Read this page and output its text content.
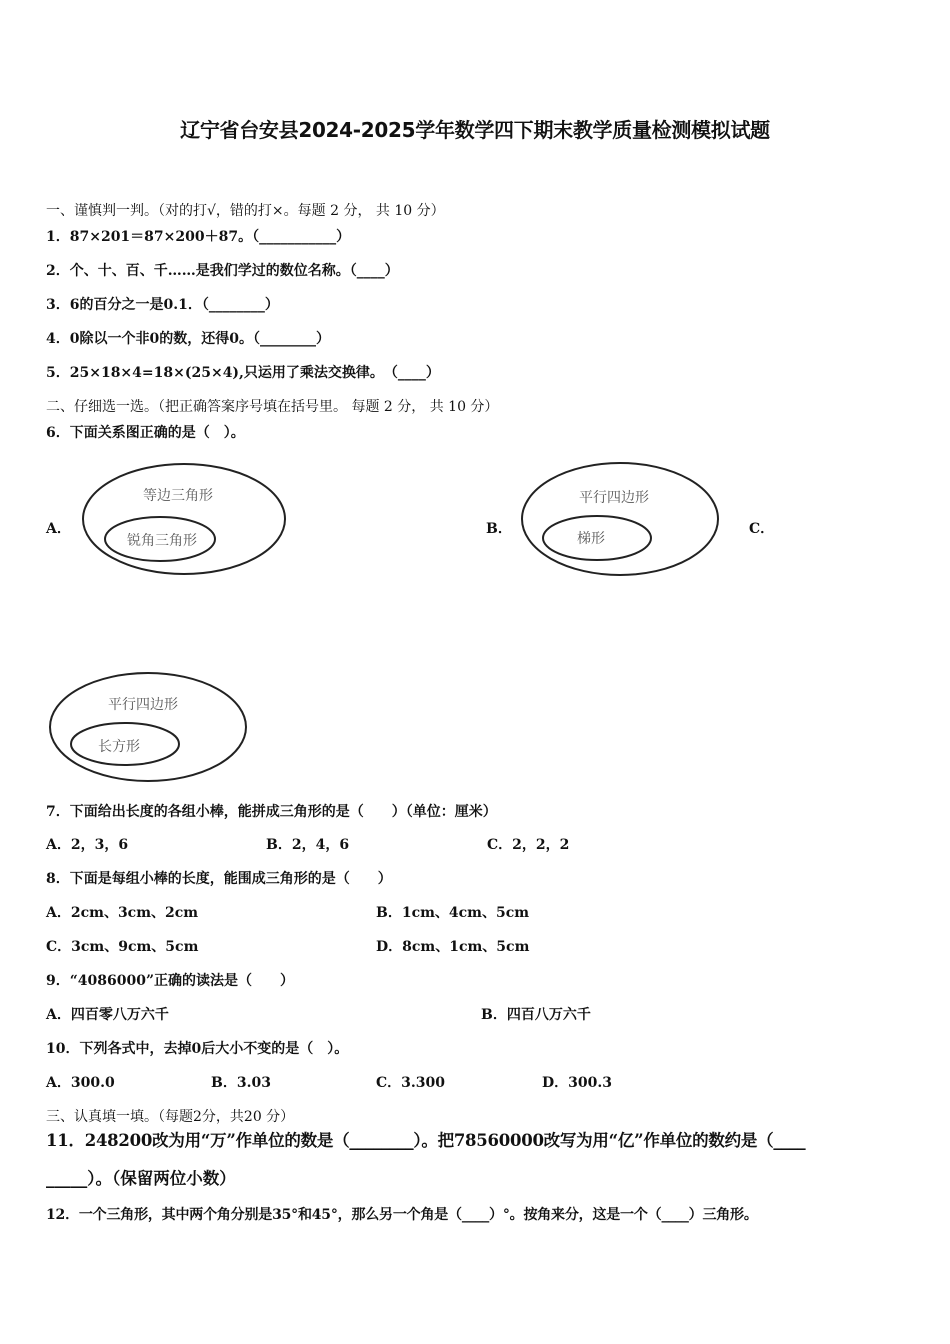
辽宁省台安县2024-2025学年数学四下期末教学质量检测模拟试题
一、谨慎判一判。（对的打√，错的打×。每题 2 分， 共 10 分）
1．87×201＝87×200＋87。（___________）
2．个、十、百、千……是我们学过的数位名称。（____）
3．6的百分之一是0.1．（________）
4．0除以一个非0的数，还得0。（________）
5．25×18×4=18×(25×4),只运用了乘法交换律。　（____）
二、仔细选一选。（把正确答案序号填在括号里。 每题 2 分， 共 10 分）
6．下面关系图正确的是（　）。
A．
等边三角形
锐角三角形
B．
平行四边形
梯形
C．
平行四边形
长方形
7．下面给出长度的各组小棒，能拼成三角形的是（　　）（单位：厘米）
A．2，3，6	B．2，4，6	C．2，2，2
8．下面是每组小棒的长度，能围成三角形的是（　　）
A．2cm、3cm、2cm	B．1cm、4cm、5cm
C．3cm、9cm、5cm	D．8cm、1cm、5cm
9．“4086000”正确的读法是（　　）
A．四百零八万六千	B．四百八万六千
10．下列各式中，去掉0后大小不变的是（　）。
A．300.0	B．3.03	C．3.300	D．300.3
三、认真填一填。（每题2分，共20 分）
11．248200改为用“万”作单位的数是（________）。把78560000改写为用“亿”作单位的数约是（____
_____）。（保留两位小数）
12．一个三角形，其中两个角分别是35°和45°，那么另一个角是（____）°。按角来分，这是一个（____）三角形。
